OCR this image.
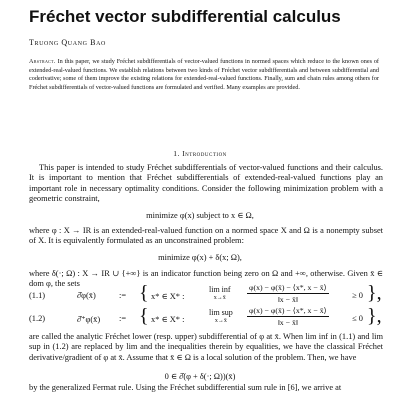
Fréchet vector subdifferential calculus
Truong Quang Bao
Abstract. In this paper, we study Fréchet subdifferentials of vector-valued functions in normed spaces which reduce to the known ones of extended-real-valued functions. We establish relations between two kinds of Fréchet vector subdifferentials and between subdifferential and coderivative; some of them improve the existing relations for extended-real-valued functions. Finally, sum and chain rules among others for Fréchet subdifferentials of vector-valued functions are formulated and verified. Many examples are provided.
1. Introduction
This paper is intended to study Fréchet subdifferentials of vector-valued functions and their calculus. It is important to mention that Fréchet subdifferentials of extended-real-valued functions play an important role in necessary optimality conditions. Consider the following minimization problem with a geometric constraint,
minimize φ(x) subject to x ∈ Ω,
where φ : X → IR is an extended-real-valued function on a normed space X and Ω is a nonempty subset of X. It is equivalently formulated as an unconstrained problem:
minimize φ(x) + δ(x; Ω),
where δ(·; Ω) : X → IR ∪ {+∞} is an indicator function being zero on Ω and +∞, otherwise. Given x̄ ∈ dom φ, the sets
(1.1)	∂̂φ(x̄)	:= { x* ∈ X* :
lim inf
x→x̄	$\frac{\varphi(x) - \varphi(x̄) - ⟨x*, x - x̄⟩}{‖x - x̄‖}$	≥ 0 },
(1.2)	∂̂⁺φ(x̄) := { x* ∈ X* :
lim sup
x→x̄	$\frac{\varphi(x) - \varphi(x̄) - ⟨x*, x - x̄⟩}{‖x - x̄‖}$	≤ 0 },
are called the analytic Fréchet lower (resp. upper) subdifferential of φ at x̄. When lim inf in (1.1) and lim sup in (1.2) are replaced by lim and the inequalities therein by equalities, we have the classical Fréchet derivative/gradient of φ at x̄. Assume that x̄ ∈ Ω is a local solution of the problem. Then, we have
0 ∈ ∂̂(φ + δ(·; Ω))(x̄)
by the generalized Fermat rule. Using the Fréchet subdifferential sum rule in [6], we arrive at
